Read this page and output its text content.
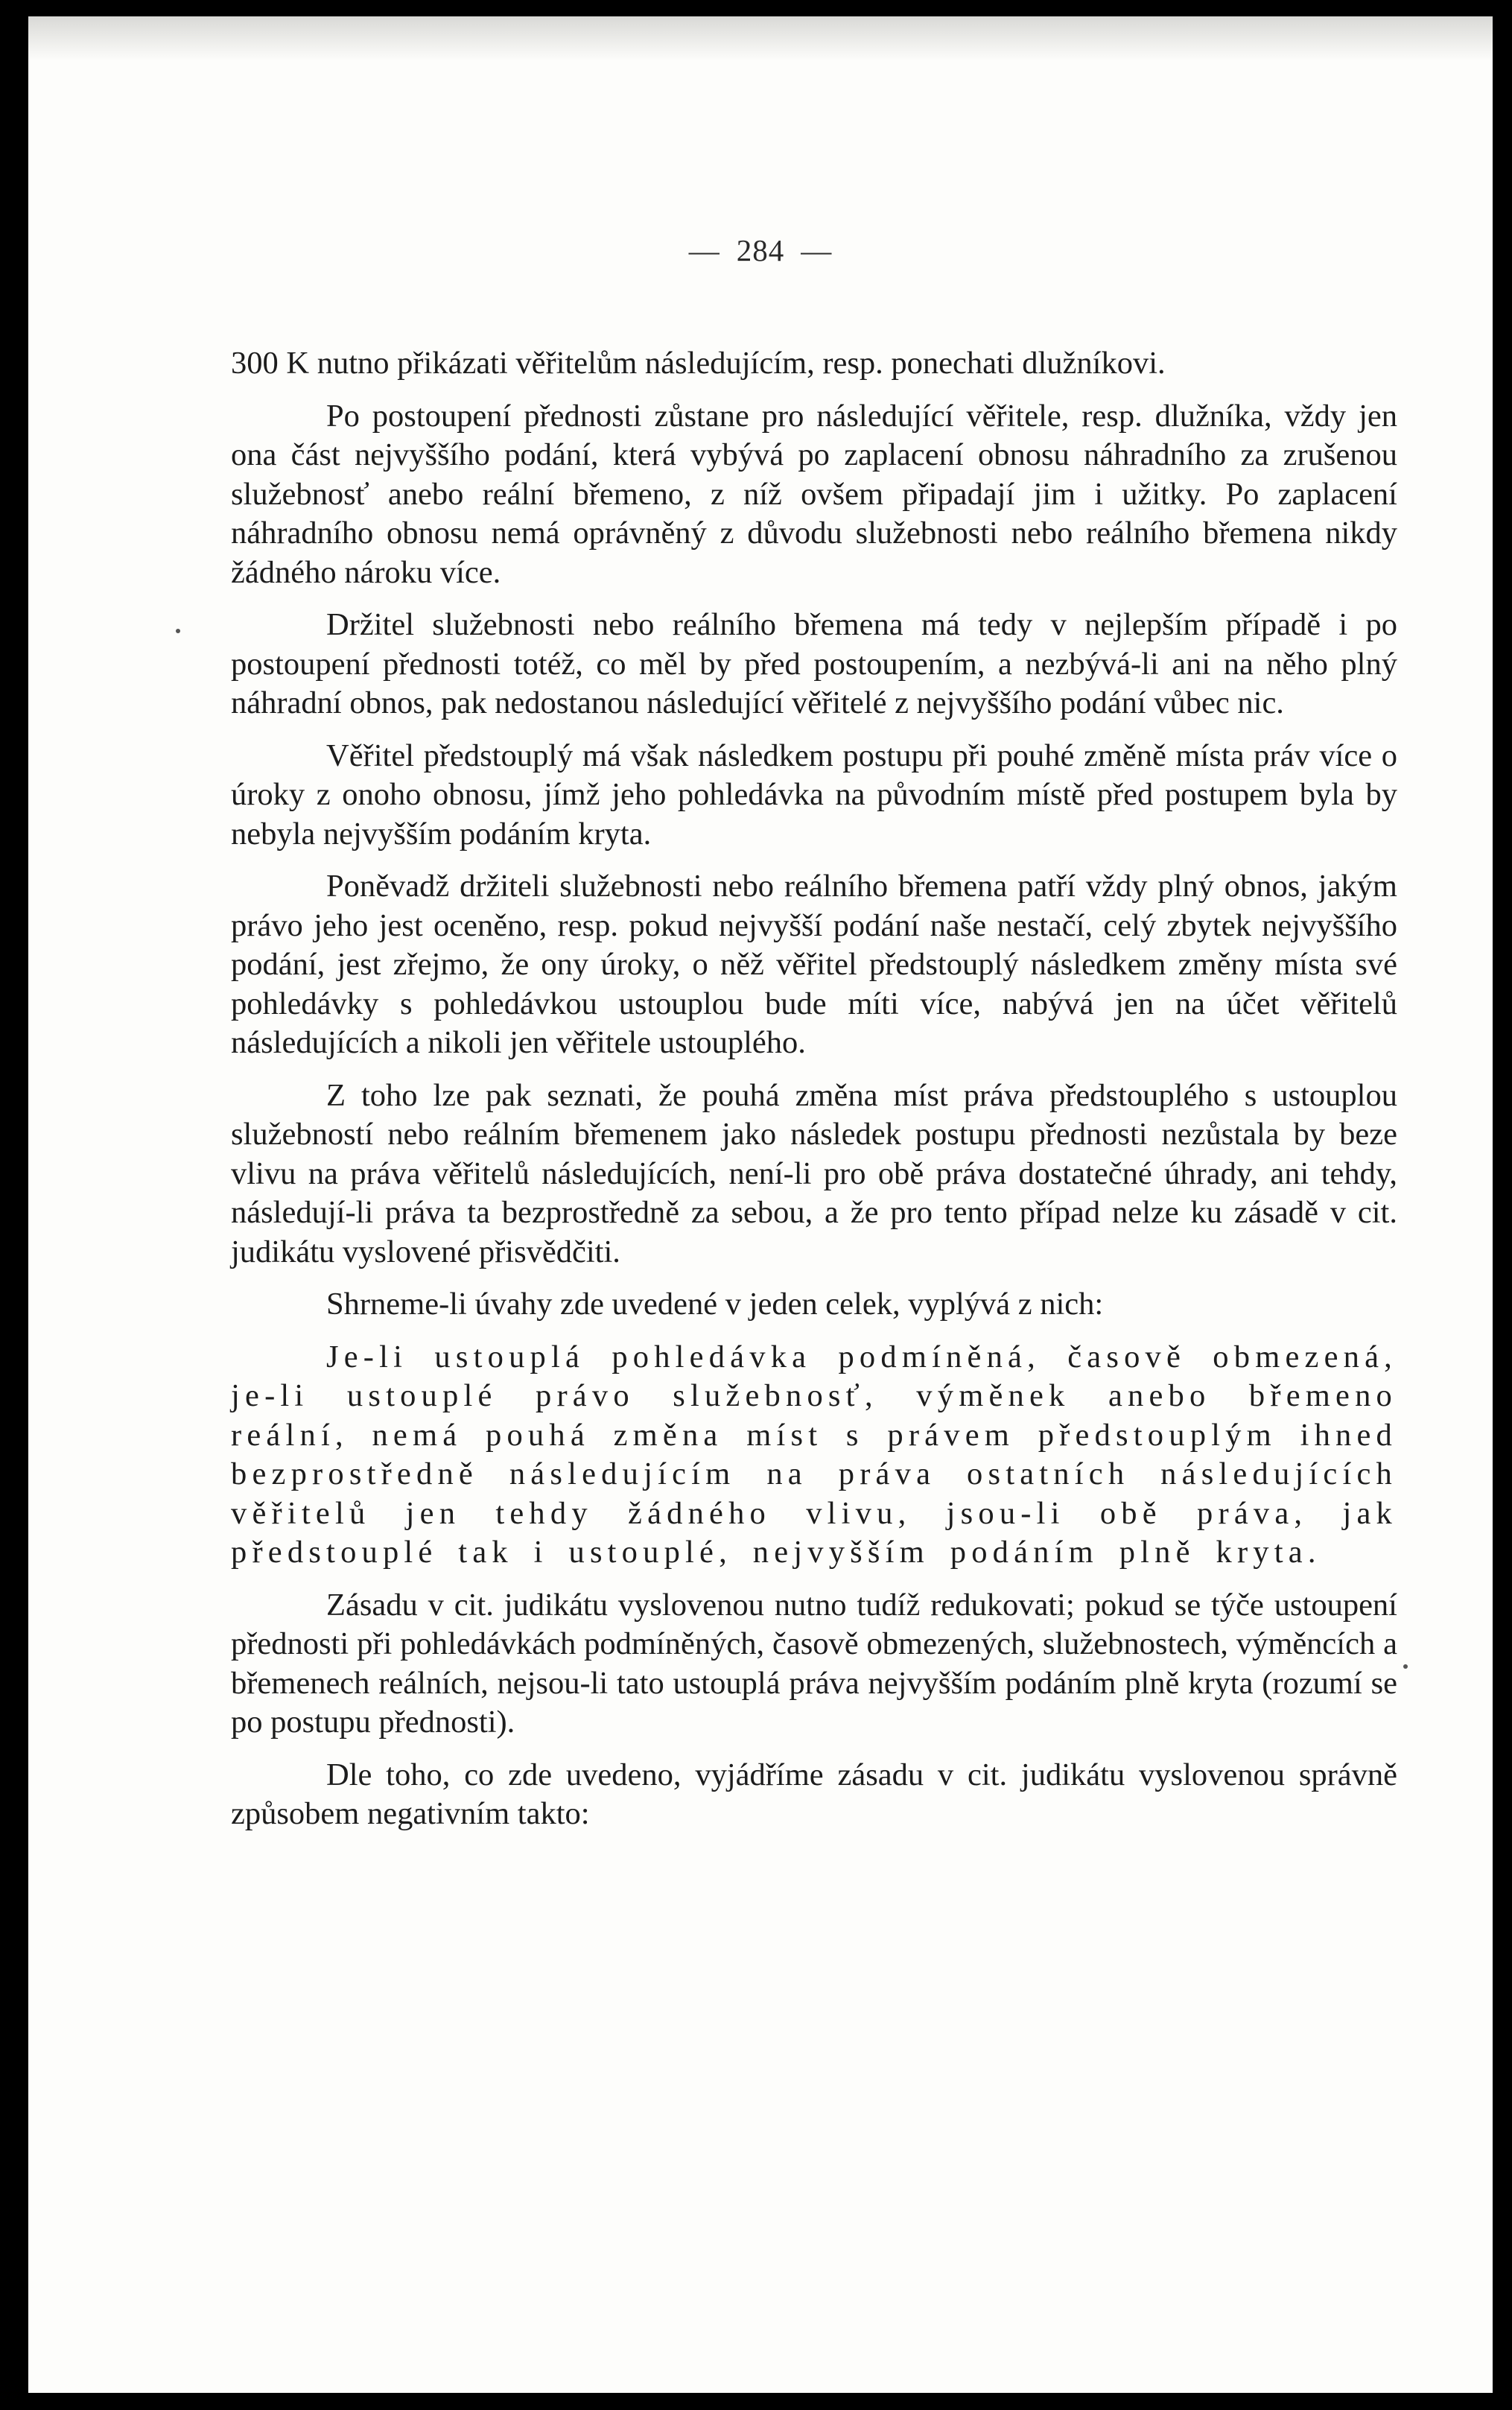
— 284 —

300 K nutno přikázati věřitelům následujícím, resp. ponechati dlužníkovi.

Po postoupení přednosti zůstane pro následující věřitele, resp. dlužníka, vždy jen ona část nejvyššího podání, která vybývá po zaplacení obnosu náhradního za zrušenou služebnosť anebo reální břemeno, z níž ovšem připadají jim i užitky. Po zaplacení náhradního obnosu nemá oprávněný z důvodu služebnosti nebo reálního břemena nikdy žádného nároku více.

Držitel služebnosti nebo reálního břemena má tedy v nejlepším případě i po postoupení přednosti totéž, co měl by před postoupením, a nezbývá-li ani na něho plný náhradní obnos, pak nedostanou následující věřitelé z nejvyššího podání vůbec nic.

Věřitel předstouplý má však následkem postupu při pouhé změně místa práv více o úroky z onoho obnosu, jímž jeho pohledávka na původním místě před postupem byla by nebyla nejvyšším podáním kryta.

Poněvadž držiteli služebnosti nebo reálního břemena patří vždy plný obnos, jakým právo jeho jest oceněno, resp. pokud nejvyšší podání naše nestačí, celý zbytek nejvyššího podání, jest zřejmo, že ony úroky, o něž věřitel předstouplý následkem změny místa své pohledávky s pohledávkou ustouplou bude míti více, nabývá jen na účet věřitelů následujících a nikoli jen věřitele ustouplého.

Z toho lze pak seznati, že pouhá změna míst práva předstouplého s ustouplou služebností nebo reálním břemenem jako následek postupu přednosti nezůstala by beze vlivu na práva věřitelů následujících, není-li pro obě práva dostatečné úhrady, ani tehdy, následují-li práva ta bezprostředně za sebou, a že pro tento případ nelze ku zásadě v cit. judikátu vyslovené přisvědčiti.

Shrneme-li úvahy zde uvedené v jeden celek, vyplývá z nich:

Je-li ustouplá pohledávka podmíněná, časově obmezená, je-li ustouplé právo služebnosť, výměnek anebo břemeno reální, nemá pouhá změna míst s právem předstouplým ihned bezprostředně následujícím na práva ostatních následujících věřitelů jen tehdy žádného vlivu, jsou-li obě práva, jak předstouplé tak i ustouplé, nejvyšším podáním plně kryta.

Zásadu v cit. judikátu vyslovenou nutno tudíž redukovati; pokud se týče ustoupení přednosti při pohledávkách podmíněných, časově obmezených, služebnostech, výměncích a břemenech reálních, nejsou-li tato ustouplá práva nejvyšším podáním plně kryta (rozumí se po postupu přednosti).

Dle toho, co zde uvedeno, vyjádříme zásadu v cit. judikátu vyslovenou správně způsobem negativním takto:
